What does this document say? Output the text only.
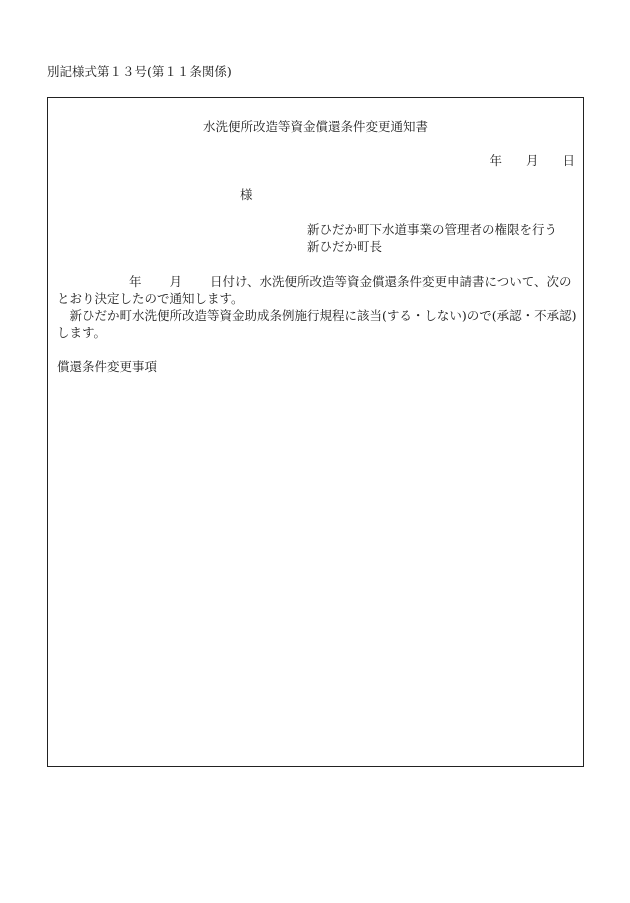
別記様式第１３号(第１１条関係)
水洗便所改造等資金償還条件変更通知書
年 月 日
様
新ひだか町下水道事業の管理者の権限を行う
新ひだか町長

年 月 日付け、水洗便所改造等資金償還条件変更申請書について、次のとおり決定したので通知します。

新ひだか町水洗便所改造等資金助成条例施行規程に該当(する・しない)ので(承認・不承認)します。

償還条件変更事項
